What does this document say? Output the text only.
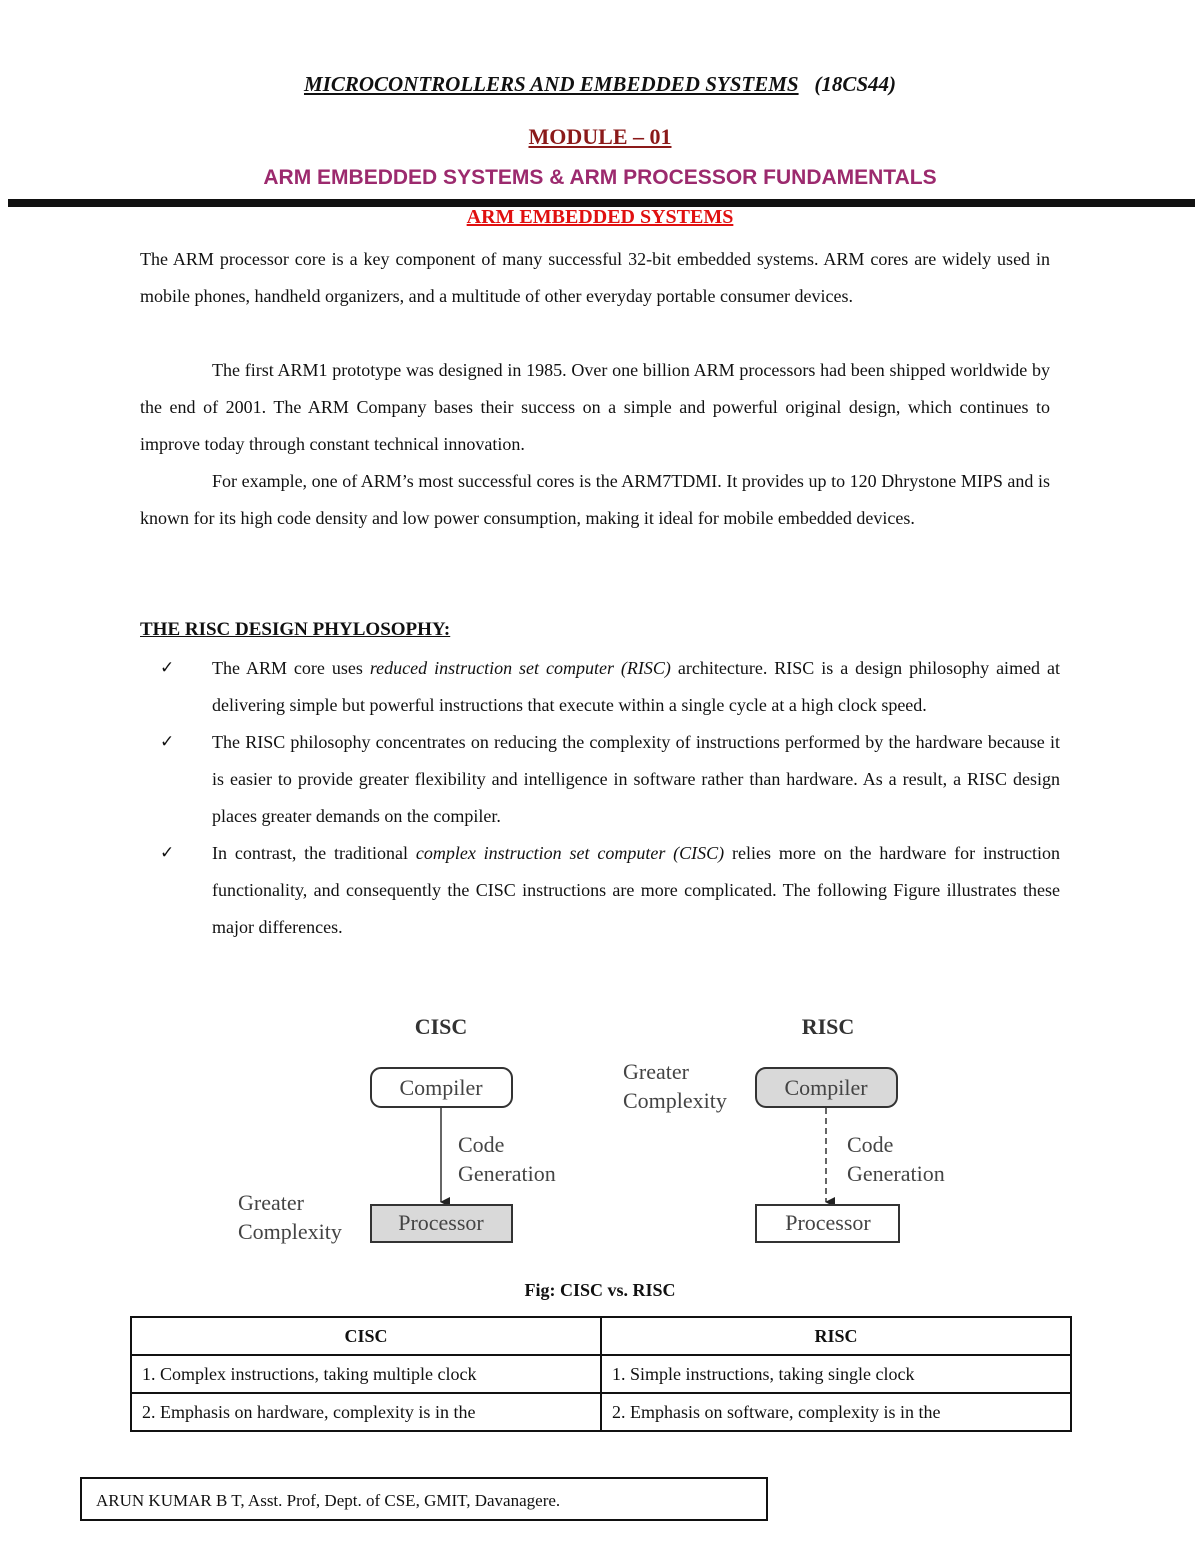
MICROCONTROLLERS AND EMBEDDED SYSTEMS (18CS44)
MODULE – 01
ARM EMBEDDED SYSTEMS & ARM PROCESSOR FUNDAMENTALS
ARM EMBEDDED SYSTEMS
The ARM processor core is a key component of many successful 32-bit embedded systems. ARM cores are widely used in mobile phones, handheld organizers, and a multitude of other everyday portable consumer devices.
The first ARM1 prototype was designed in 1985. Over one billion ARM processors had been shipped worldwide by the end of 2001. The ARM Company bases their success on a simple and powerful original design, which continues to improve today through constant technical innovation.
For example, one of ARM’s most successful cores is the ARM7TDMI. It provides up to 120 Dhrystone MIPS and is known for its high code density and low power consumption, making it ideal for mobile embedded devices.
THE RISC DESIGN PHYLOSOPHY:
✓ The ARM core uses reduced instruction set computer (RISC) architecture. RISC is a design philosophy aimed at delivering simple but powerful instructions that execute within a single cycle at a high clock speed.
✓ The RISC philosophy concentrates on reducing the complexity of instructions performed by the hardware because it is easier to provide greater flexibility and intelligence in software rather than hardware. As a result, a RISC design places greater demands on the compiler.
✓ In contrast, the traditional complex instruction set computer (CISC) relies more on the hardware for instruction functionality, and consequently the CISC instructions are more complicated. The following Figure illustrates these major differences.
CISC
Compiler
Code
Generation
Processor
Greater
Complexity
RISC
Compiler
Code
Generation
Processor
Greater
Complexity
Fig: CISC vs. RISC
CISC	RISC
1. Complex instructions, taking multiple clock	1. Simple instructions, taking single clock
2. Emphasis on hardware, complexity is in the	2. Emphasis on software, complexity is in the
ARUN KUMAR B T, Asst. Prof, Dept. of CSE, GMIT, Davanagere.
